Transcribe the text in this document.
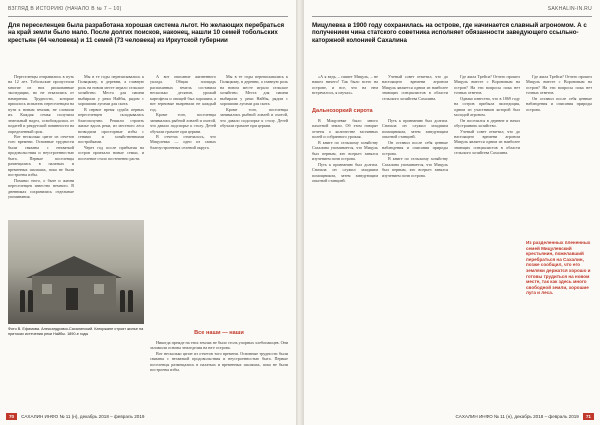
ВЗГЛЯД В ИСТОРИЮ (НАЧАЛО В № 7 – 10)
Для переселенцев была разработана хорошая система льгот. Но желающих перебраться на край земли было мало. После долгих поисков, наконец, нашли 10 семей тобольских крестьян (44 человека) и 11 семей (73 человека) из Иркутской губернии

Переселенцы отправились в путь на 12 лет. Тобольские пропустили многие из них рискованные экспедиции, но не отказались от намерения. Трудности, которые пришлось испытать переселенцам на пути к новым землям, не сломили их. Каждая семья получила земельный надел, освобождалась от податей и рекрутской повинности на определенный срок.

Вот несколько цитат из отчетов того времени. Основные трудности были связаны с нехваткой продовольствия и неустроенностью быта. Первые поселенцы размещались в палатках и временных шалашах, пока не были построены избы.

Помимо этого, о быте и жизни переселенцев известно немного. В дневниках сохранились отдельные упоминания.

Мы в те годы переписывались к Гиляцкому, в деревни, а главную роль на новом месте играло сельское хозяйство. Места для пашни выбирали у реки Найбы, рядом с хорошими лугами для скота.

В первое время судьба первых переселенцев складывалась благополучно. Решили строить жилье вдоль реки, из местного леса возводили просторные избы с сенями и хозяйственными постройками.

Через год после прибытия на остров приехали новые семьи, и поселение стало постепенно расти.

А вот описание жизненного уклада. Общая площадь распаханных земель составила несколько десятин, урожай картофеля и овощей был хорошим, а вот зерновые вызревали не каждый год.

Кроме того, поселенцы занимались рыбной ловлей и охотой, что давало подспорье к столу. Детей обучали грамоте при церкви.

В отчетах отмечалось, что Мицулевка — одно из самых благоустроенных селений округа.

Мы в те годы переписывались к Гиляцкому, в деревни, а главную роль на новом месте играло сельское хозяйство. Места для пашни выбирали у реки Найбы, рядом с хорошими лугами для скота.

Кроме того, поселенцы занимались рыбной ловлей и охотой, что давало подспорье к столу. Детей обучали грамоте при церкви.

Фото В. Ефимова. Александровск-Сахалинский. Каторжане строят жилье на притоках истечения реки Найбы. 1890-е годы	Все наши — наши

Никогда прежде на этих землях не было столь упорных хлебопашцев. Они заложили основы земледелия на юге острова.

Вот несколько цитат из отчетов того времени. Основные трудности были связаны с нехваткой продовольствия и неустроенностью быта. Первые поселенцы размещались в палатках и временных шалашах, пока не были построены избы.

70	САХАЛИН ИНФО № 11 (н), декабрь 2018 – февраль 2019
SAKHALIN-IN.RU
Мицулевка в 1900 году сохранилась на острове, где начинается славный агрономом. А с получением чина статского советника исполняет обязанности заведующего ссыльно-каторжной колонией Сахалина

«А я ведь, – пишет Мицуль, – не нашел ничего! Так было всего на острове, и все, что на нем встречалось, я изучал».

Ученый совет отметил, что до настоящего времени агроном Мицуль является одним из наиболее знающих специалистов в области сельского хозяйства Сахалина.

Дальнозоркий сирота

В Мицулевке было много пахотной земли. Об этом говорят отчеты о количестве засеянных полей и собранного урожая.

В книге по сельскому хозяйству Сахалина упоминается, что Мицуль был первым, кто всерьез занялся изучением почв острова.

Путь к признанию был долгим. Сначала он служил младшим помощником, затем заведующим опытной станцией.

Путь к признанию был долгим. Сначала он служил младшим помощником, затем заведующим опытной станцией.

Он оставил после себя ценные наблюдения и описания природы острова.

В книге по сельскому хозяйству Сахалина упоминается, что Мицуль был первым, кто всерьез занялся изучением почв острова.

Где жила Трейси? Отчего прошел Мицуль вместе с Вороновым на остров? На эти вопросы пока нет точных ответов.

Однако известно, что в 1869 году на остров прибыла экспедиция, одним из участников которой был молодой агроном.

Он поселился в деревне и начал обустраивать хозяйство.

Ученый совет отметил, что до настоящего времени агроном Мицуль является одним из наиболее знающих специалистов в области сельского хозяйства Сахалина.

Где жила Трейси? Отчего прошел Мицуль вместе с Вороновым на остров? На эти вопросы пока нет точных ответов.

Он оставил после себя ценные наблюдения и описания природы острова.

Из разделенных плененных семей Мицулевский крестьянин, пожелавший перебраться на Сахалин, позже сообщил, что его земляки держатся хорошо и готовы трудиться на новом месте, так как здесь много свободной земли, хорошие луга и леса.
САХАЛИН ИНФО № 11 (н), декабрь 2018 – февраль 2019	71
